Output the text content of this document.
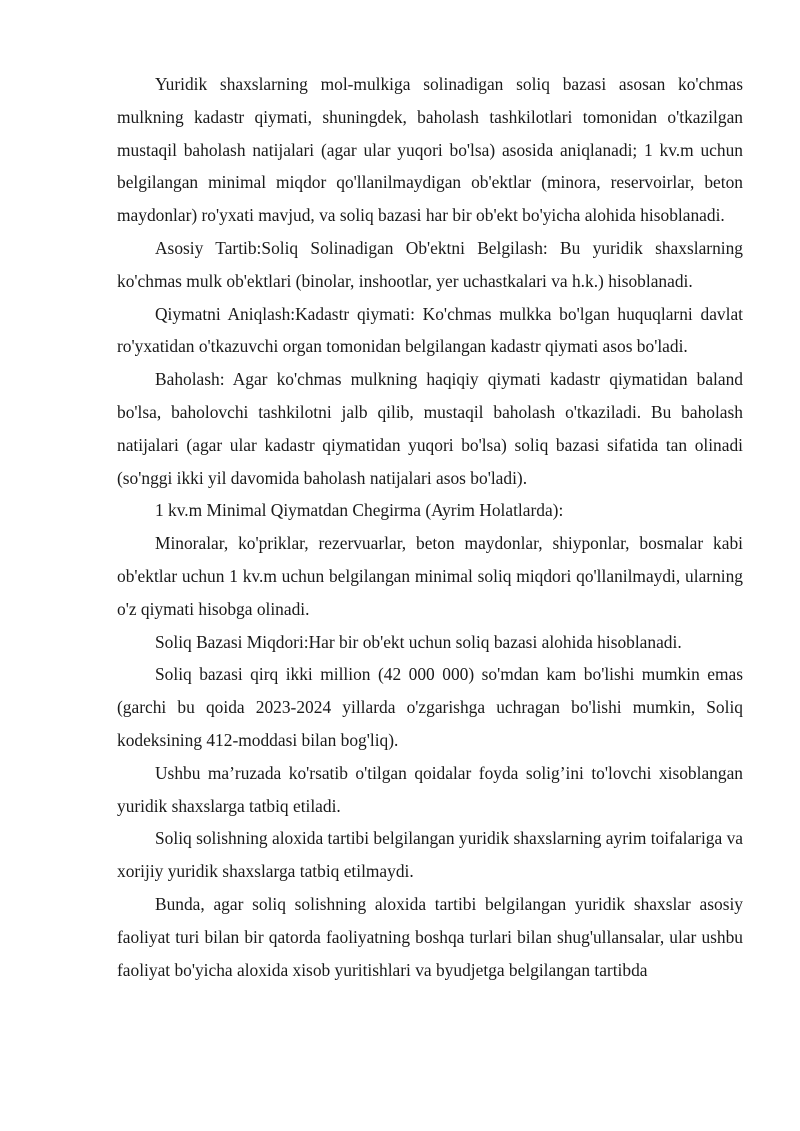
Yuridik shaxslarning mol-mulkiga solinadigan soliq bazasi asosan ko'chmas mulkning kadastr qiymati, shuningdek, baholash tashkilotlari tomonidan o'tkazilgan mustaqil baholash natijalari (agar ular yuqori bo'lsa) asosida aniqlanadi; 1 kv.m uchun belgilangan minimal miqdor qo'llanilmaydigan ob'ektlar (minora, reservoirlar, beton maydonlar) ro'yxati mavjud, va soliq bazasi har bir ob'ekt bo'yicha alohida hisoblanadi.

Asosiy Tartib:Soliq Solinadigan Ob'ektni Belgilash: Bu yuridik shaxslarning ko'chmas mulk ob'ektlari (binolar, inshootlar, yer uchastkalari va h.k.) hisoblanadi.

Qiymatni Aniqlash:Kadastr qiymati: Ko'chmas mulkka bo'lgan huquqlarni davlat ro'yxatidan o'tkazuvchi organ tomonidan belgilangan kadastr qiymati asos bo'ladi.

Baholash: Agar ko'chmas mulkning haqiqiy qiymati kadastr qiymatidan baland bo'lsa, baholovchi tashkilotni jalb qilib, mustaqil baholash o'tkaziladi. Bu baholash natijalari (agar ular kadastr qiymatidan yuqori bo'lsa) soliq bazasi sifatida tan olinadi (so'nggi ikki yil davomida baholash natijalari asos bo'ladi).

1 kv.m Minimal Qiymatdan Chegirma (Ayrim Holatlarda):

Minoralar, ko'priklar, rezervuarlar, beton maydonlar, shiyponlar, bosmalar kabi ob'ektlar uchun 1 kv.m uchun belgilangan minimal soliq miqdori qo'llanilmaydi, ularning o'z qiymati hisobga olinadi.

Soliq Bazasi Miqdori:Har bir ob'ekt uchun soliq bazasi alohida hisoblanadi.

Soliq bazasi qirq ikki million (42 000 000) so'mdan kam bo'lishi mumkin emas (garchi bu qoida 2023-2024 yillarda o'zgarishga uchragan bo'lishi mumkin, Soliq kodeksining 412-moddasi bilan bog'liq).

Ushbu ma’ruzada ko'rsatib o'tilgan qoidalar foyda solig’ini to'lovchi xisoblangan yuridik shaxslarga tatbiq etiladi.

Soliq solishning aloxida tartibi belgilangan yuridik shaxslarning ayrim toifalariga va xorijiy yuridik shaxslarga tatbiq etilmaydi.

Bunda, agar soliq solishning aloxida tartibi belgilangan yuridik shaxslar asosiy faoliyat turi bilan bir qatorda faoliyatning boshqa turlari bilan shug'ullansalar, ular ushbu faoliyat bo'yicha aloxida xisob yuritishlari va byudjetga belgilangan tartibda
